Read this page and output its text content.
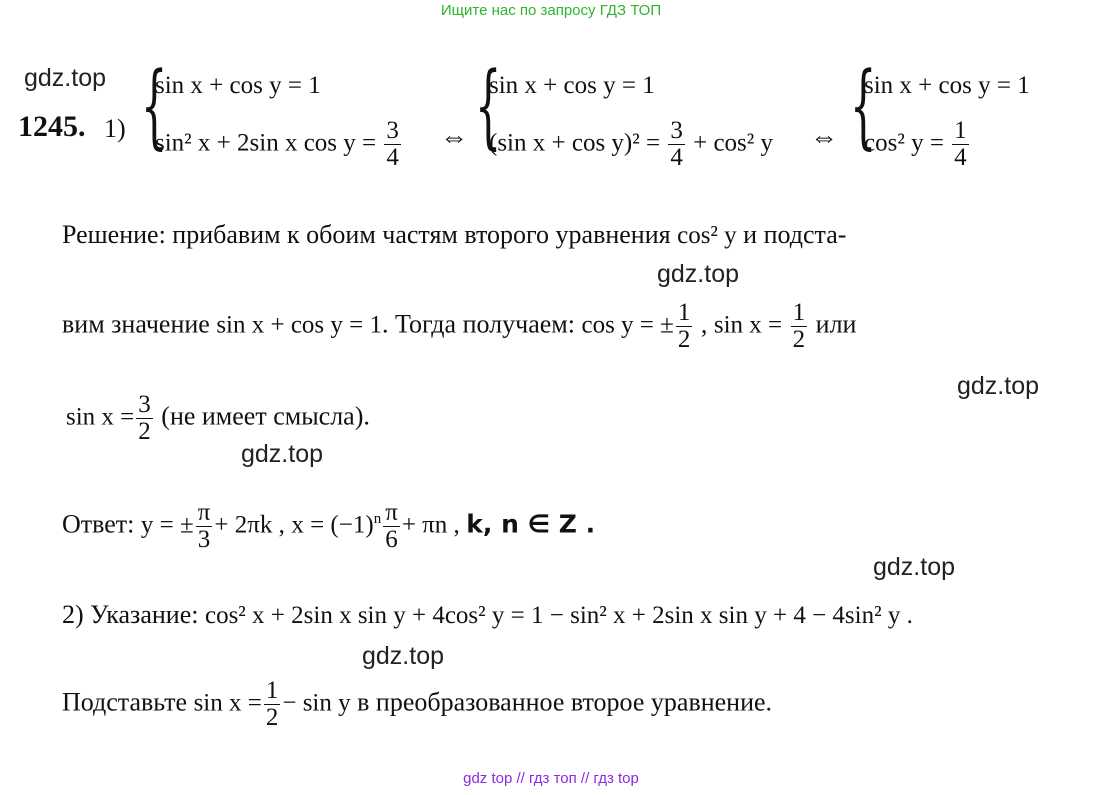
Ищите нас по запросу ГДЗ ТОП
gdz.top
gdz.top
gdz.top
gdz.top
gdz.top
gdz.top
1245. 1) {
sin x + cos y = 1
sin² x + 2sin x $\cos y = \frac{3}{4}$ ⇔ {
sin x + cos y = 1
(sin $x + \cos y)^2 = \frac{3}{4} + \cos^2$ y ⇔ {
sin x + cos y = 1
cos² $y = \frac{1}{4}$
Решение: прибавим к обоим частям второго уравнения cos² y и подста-
вим значение sin x + cos y = 1. Тогда получаем: cos y = ± $\frac{1}{2}$ , $\sin x = \frac{1}{2}$ или
$\sin x = \frac{3}{2} (не$ имеет смысла).
Ответ: y = ± $\frac{\pi}{3} + 2\pi k$ , $x = (-1)^n \frac{\pi}{6} + \pi n$ , k, n ∈ Z .
2) Указание: cos² x + 2sin x sin y + 4cos² y = 1 − sin² x + 2sin x sin y + 4 − 4sin² y .
Подставьте $\sin x = \frac{1}{2} - \sin y$ в преобразованное второе уравнение.
gdz top // гдз топ // гдз top
